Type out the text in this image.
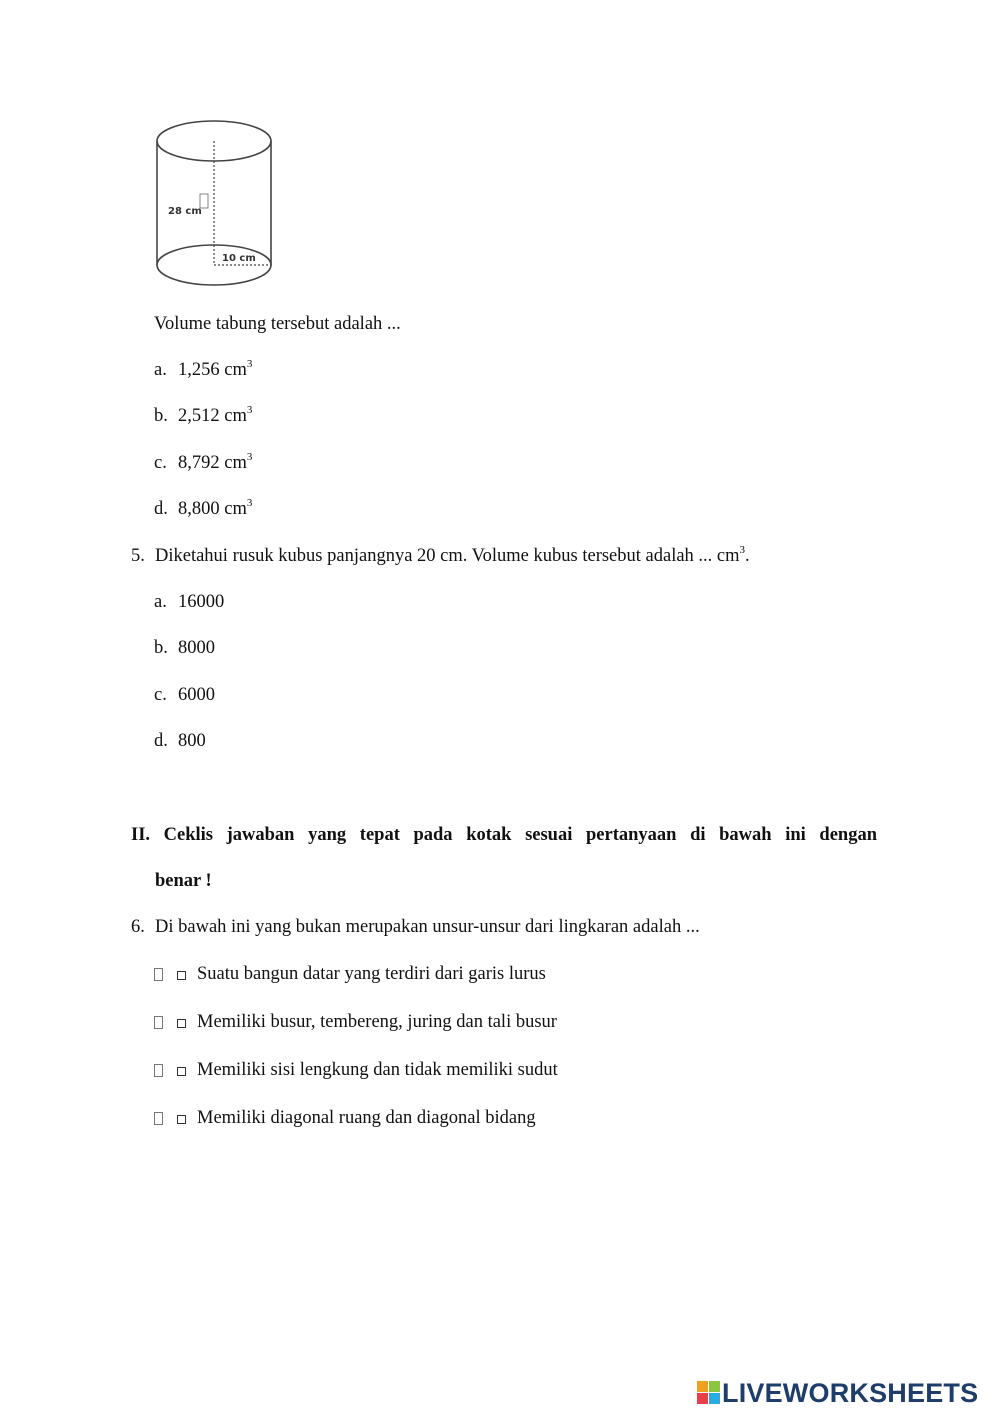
28 cm
10 cm
Volume tabung tersebut adalah ...
a. 1,256 $cm^3$
b. 2,512 $cm^3$
c. 8,792 $cm^3$
d. 8,800 $cm^3$
5. Diketahui rusuk kubus panjangnya 20 cm. Volume kubus tersebut adalah ... $cm^3$.
a. 16000
b. 8000
c. 6000
d. 800
II. Ceklis jawaban yang tepat pada kotak sesuai pertanyaan di bawah ini dengan
benar !
6. Di bawah ini yang bukan merupakan unsur-unsur dari lingkaran adalah ...
Suatu bangun datar yang terdiri dari garis lurus
Memiliki busur, tembereng, juring dan tali busur
Memiliki sisi lengkung dan tidak memiliki sudut
Memiliki diagonal ruang dan diagonal bidang
LIVEWORKSHEETS
